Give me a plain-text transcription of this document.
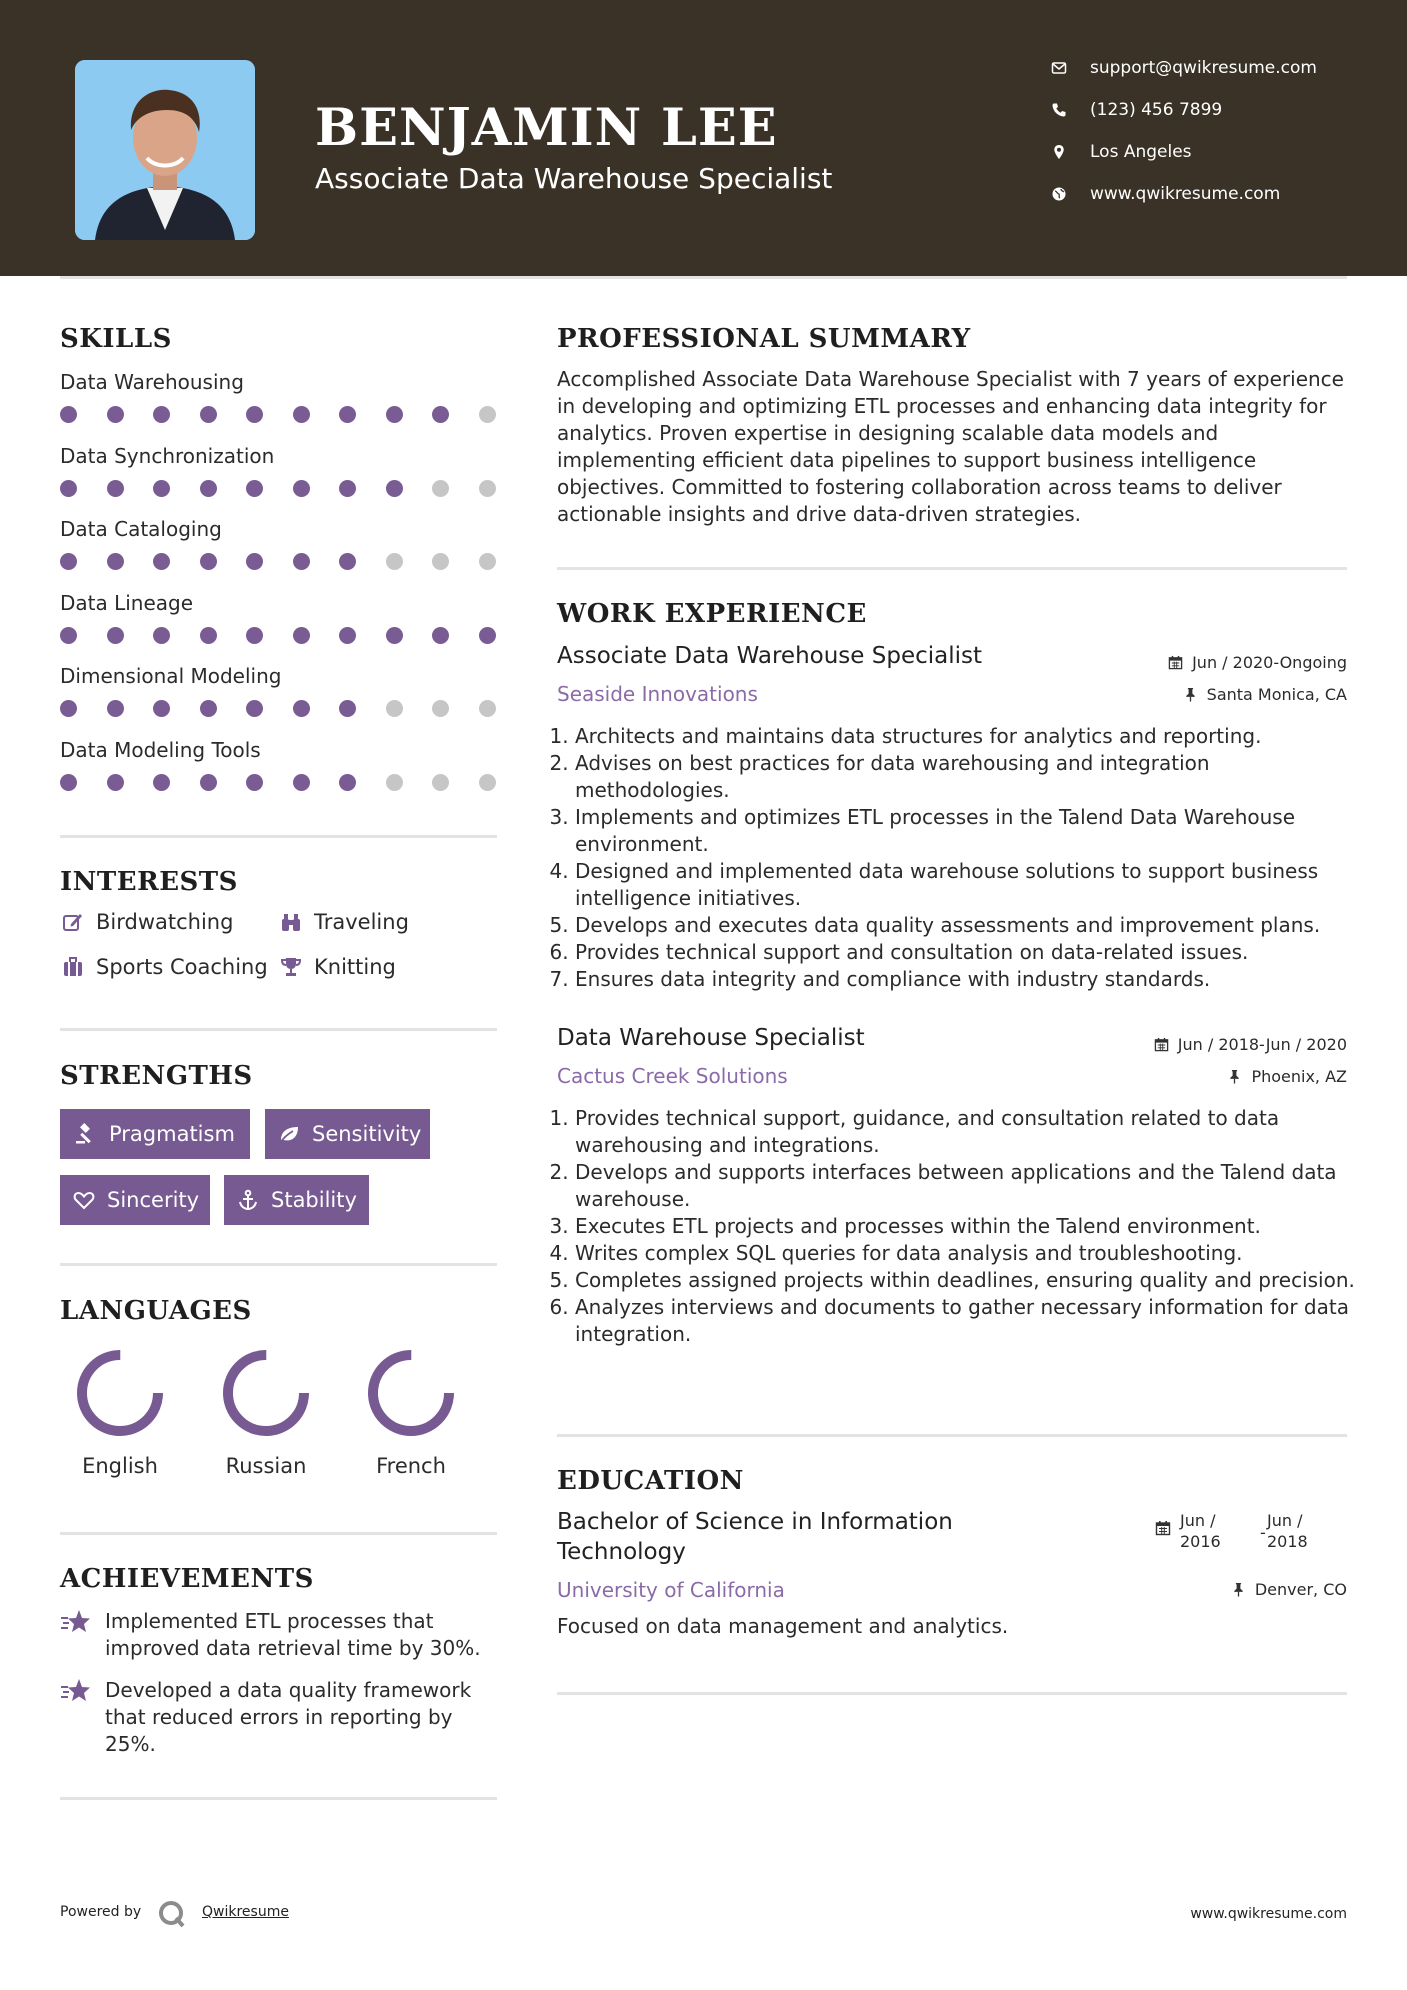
BENJAMIN LEE
Associate Data Warehouse Specialist
support@qwikresume.com
(123) 456 7899
Los Angeles
www.qwikresume.com
SKILLS
Data Warehousing
Data Synchronization
Data Cataloging
Data Lineage
Dimensional Modeling
Data Modeling Tools
INTERESTS
Birdwatching	Traveling
Sports Coaching Knitting
STRENGTHS
Pragmatism	Sensitivity
Sincerity	Stability
LANGUAGES
English	Russian	French
ACHIEVEMENTS
Implemented ETL processes that improved data retrieval time by 30%.
Developed a data quality framework that reduced errors in reporting by 25%.
PROFESSIONAL SUMMARY
Accomplished Associate Data Warehouse Specialist with 7 years of experience in developing and optimizing ETL processes and enhancing data integrity for analytics. Proven expertise in designing scalable data models and implementing efficient data pipelines to support business intelligence objectives. Committed to fostering collaboration across teams to deliver actionable insights and drive data-driven strategies.
WORK EXPERIENCE
Associate Data Warehouse Specialist	Jun / 2020-Ongoing
Seaside Innovations	Santa Monica, CA
1. Architects and maintains data structures for analytics and reporting.
2. Advises on best practices for data warehousing and integration methodologies.
3. Implements and optimizes ETL processes in the Talend Data Warehouse environment.
4. Designed and implemented data warehouse solutions to support business intelligence initiatives.
5. Develops and executes data quality assessments and improvement plans.
6. Provides technical support and consultation on data-related issues.
7. Ensures data integrity and compliance with industry standards.
Data Warehouse Specialist	Jun / 2018-Jun / 2020
Cactus Creek Solutions	Phoenix, AZ
1. Provides technical support, guidance, and consultation related to data warehousing and integrations.
2. Develops and supports interfaces between applications and the Talend data warehouse.
3. Executes ETL projects and processes within the Talend environment.
4. Writes complex SQL queries for data analysis and troubleshooting.
5. Completes assigned projects within deadlines, ensuring quality and precision.
6. Analyzes interviews and documents to gather necessary information for data integration.
EDUCATION
Bachelor of Science in Information
Technology
Jun /
2016 -
Jun /
2018
University of California	Denver, CO
Focused on data management and analytics.
Powered by	Qwikresume	www.qwikresume.com
